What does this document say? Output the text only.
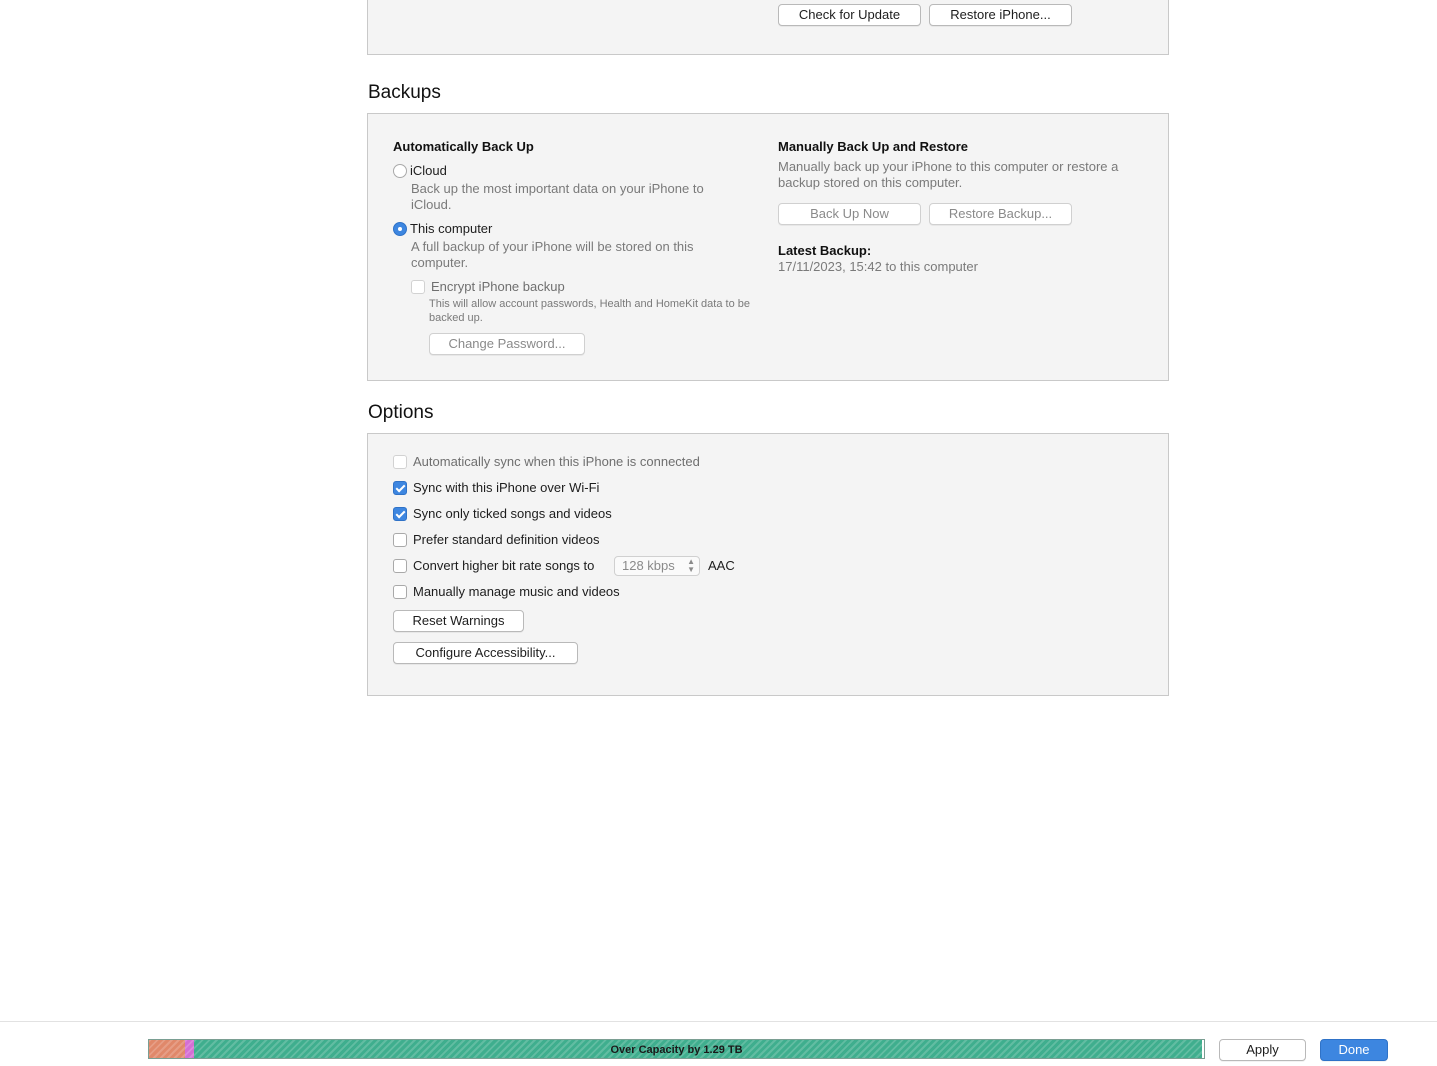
Check for Update	Restore iPhone...
Backups
Automatically Back Up
iCloud
Back up the most important data on your iPhone to iCloud.
This computer
A full backup of your iPhone will be stored on this computer.
Encrypt iPhone backup
This will allow account passwords, Health and HomeKit data to be backed up.
Change Password...
Manually Back Up and Restore
Manually back up your iPhone to this computer or restore a backup stored on this computer.
Back Up Now	Restore Backup...
Latest Backup:
17/11/2023, 15:42 to this computer
Options
Automatically sync when this iPhone is connected
Sync with this iPhone over Wi-Fi
Sync only ticked songs and videos
Prefer standard definition videos
Convert higher bit rate songs to	128 kbps ▲
▼ AAC
Manually manage music and videos
Reset Warnings
Configure Accessibility...
Over Capacity by 1.29 TB	Apply	Done
